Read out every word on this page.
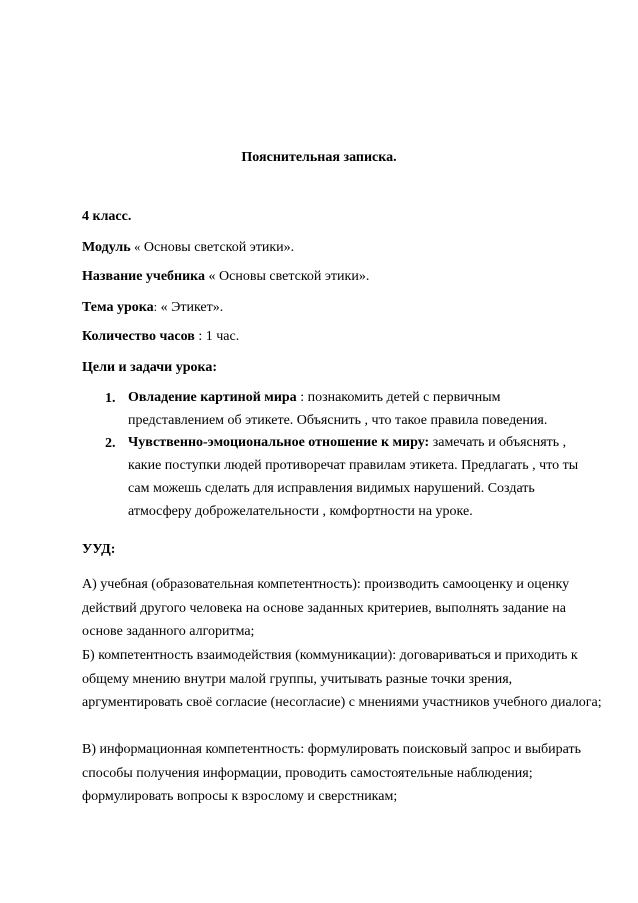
Пояснительная записка.
4 класс.
Модуль « Основы светской этики».
Название учебника « Основы светской этики».
Тема урока: « Этикет».
Количество часов : 1 час.
Цели и задачи урока:
1. Овладение картиной мира : познакомить детей с первичным представлением об этикете. Объяснить , что такое правила поведения.
2. Чувственно-эмоциональное отношение к миру: замечать и объяснять , какие поступки людей противоречат правилам этикета. Предлагать , что ты сам можешь сделать для исправления видимых нарушений. Создать атмосферу доброжелательности , комфортности на уроке.
УУД:
А) учебная (образовательная компетентность): производить самооценку и оценку действий другого человека на основе заданных критериев, выполнять задание на основе заданного алгоритма;
Б) компетентность взаимодействия (коммуникации): договариваться и приходить к общему мнению внутри малой группы, учитывать разные точки зрения, аргументировать своё согласие (несогласие) с мнениями участников учебного диалога;
В) информационная компетентность: формулировать поисковый запрос и выбирать способы получения информации, проводить самостоятельные наблюдения; формулировать вопросы к взрослому и сверстникам;
